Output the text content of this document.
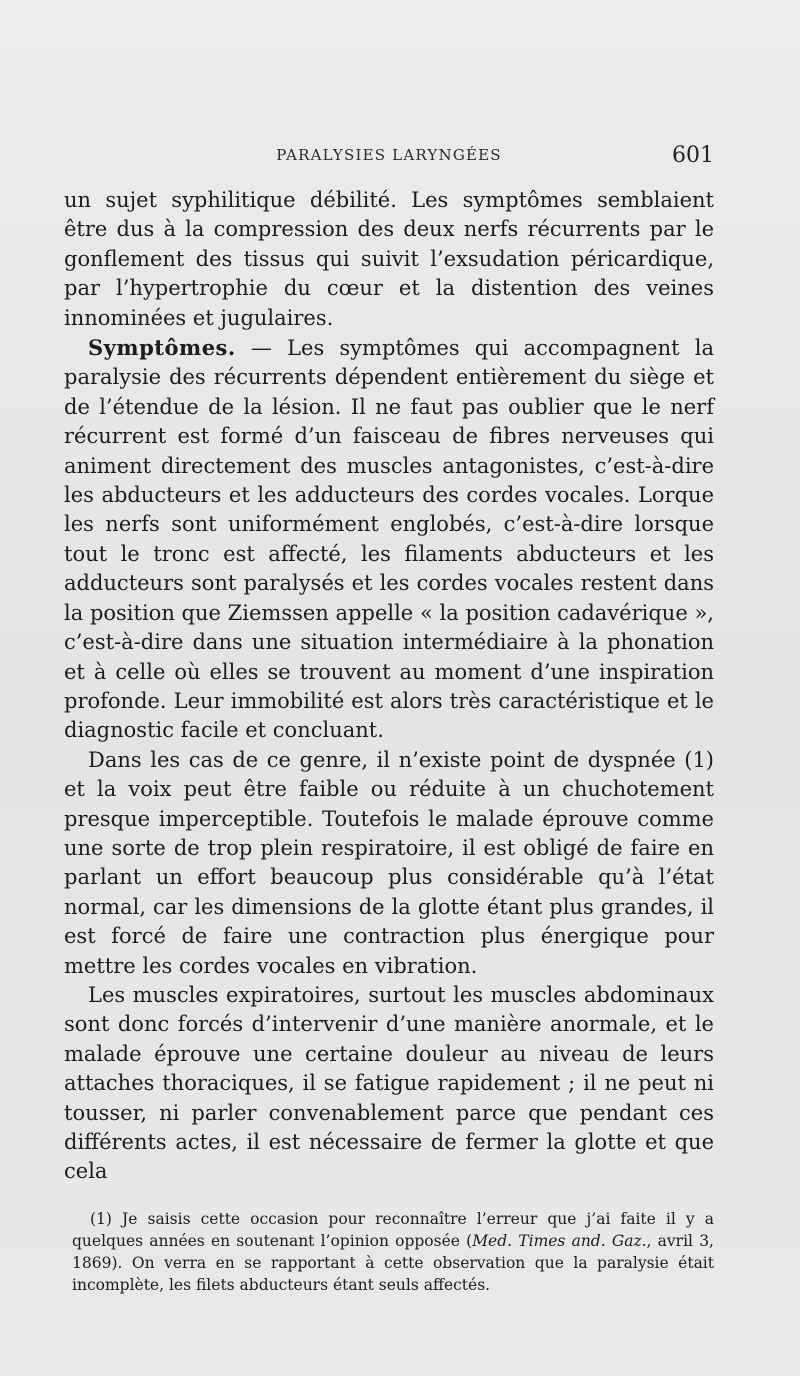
PARALYSIES LARYNGÉES	601

un sujet syphilitique débilité. Les symptômes semblaient être dus à la compression des deux nerfs récurrents par le gonflement des tissus qui suivit l’exsudation péricardique, par l’hypertrophie du cœur et la distention des veines innominées et jugulaires.

Symptômes. — Les symptômes qui accompagnent la paralysie des récurrents dépendent entièrement du siège et de l’étendue de la lésion. Il ne faut pas oublier que le nerf récurrent est formé d’un faisceau de fibres nerveuses qui animent directement des muscles antagonistes, c’est-à-dire les abducteurs et les adducteurs des cordes vocales. Lorque les nerfs sont uniformément englobés, c’est-à-dire lorsque tout le tronc est affecté, les filaments abducteurs et les adducteurs sont paralysés et les cordes vocales restent dans la position que Ziemssen appelle « la position cadavérique », c’est-à-dire dans une situation intermédiaire à la phonation et à celle où elles se trouvent au moment d’une inspiration profonde. Leur immobilité est alors très caractéristique et le diagnostic facile et concluant.

Dans les cas de ce genre, il n’existe point de dyspnée (1) et la voix peut être faible ou réduite à un chuchotement presque imperceptible. Toutefois le malade éprouve comme une sorte de trop plein respiratoire, il est obligé de faire en parlant un effort beaucoup plus considérable qu’à l’état normal, car les dimensions de la glotte étant plus grandes, il est forcé de faire une contraction plus énergique pour mettre les cordes vocales en vibration.

Les muscles expiratoires, surtout les muscles abdominaux sont donc forcés d’intervenir d’une manière anormale, et le malade éprouve une certaine douleur au niveau de leurs attaches thoraciques, il se fatigue rapidement ; il ne peut ni tousser, ni parler convenablement parce que pendant ces différents actes, il est nécessaire de fermer la glotte et que cela

(1) Je saisis cette occasion pour reconnaître l’erreur que j’ai faite il y a quelques années en soutenant l’opinion opposée (Med. Times and. Gaz., avril 3, 1869). On verra en se rapportant à cette observation que la paralysie était incomplète, les filets abducteurs étant seuls affectés.
